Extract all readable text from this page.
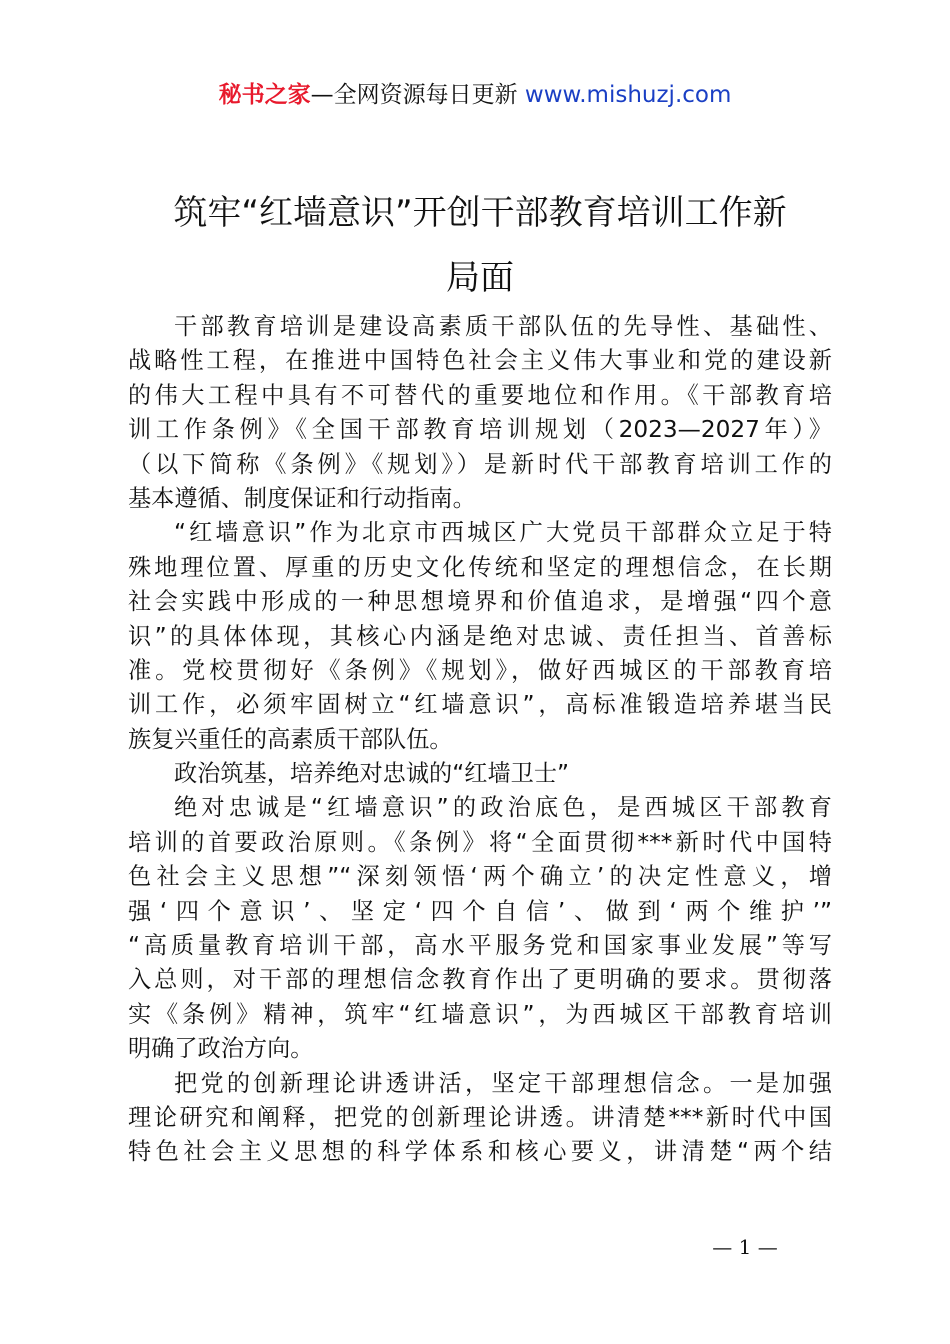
秘书之家—全网资源每日更新 www.mishuzj.com
筑牢“红墙意识”开创干部教育培训工作新
局面
干部教育培训是建设高素质干部队伍的先导性、基础性、
战略性工程，在推进中国特色社会主义伟大事业和党的建设新
的伟大工程中具有不可替代的重要地位和作用。《干部教育培
训工作条例》《全国干部教育培训规划（2023—2027年）》
（以下简称《条例》《规划》）是新时代干部教育培训工作的
基本遵循、制度保证和行动指南。
“红墙意识”作为北京市西城区广大党员干部群众立足于特
殊地理位置、厚重的历史文化传统和坚定的理想信念，在长期
社会实践中形成的一种思想境界和价值追求，是增强“四个意
识”的具体体现，其核心内涵是绝对忠诚、责任担当、首善标
准。党校贯彻好《条例》《规划》，做好西城区的干部教育培
训工作，必须牢固树立“红墙意识”，高标准锻造培养堪当民
族复兴重任的高素质干部队伍。
政治筑基，培养绝对忠诚的“红墙卫士”
绝对忠诚是“红墙意识”的政治底色，是西城区干部教育
培训的首要政治原则。《条例》将“全面贯彻***新时代中国特
色社会主义思想”“深刻领悟‘两个确立’的决定性意义，增
强‘四个意识’、坚定‘四个自信’、做到‘两个维护’”
“高质量教育培训干部，高水平服务党和国家事业发展”等写
入总则，对干部的理想信念教育作出了更明确的要求。贯彻落
实《条例》精神，筑牢“红墙意识”，为西城区干部教育培训
明确了政治方向。
把党的创新理论讲透讲活，坚定干部理想信念。一是加强
理论研究和阐释，把党的创新理论讲透。讲清楚***新时代中国
特色社会主义思想的科学体系和核心要义，讲清楚“两个结
— 1 —
